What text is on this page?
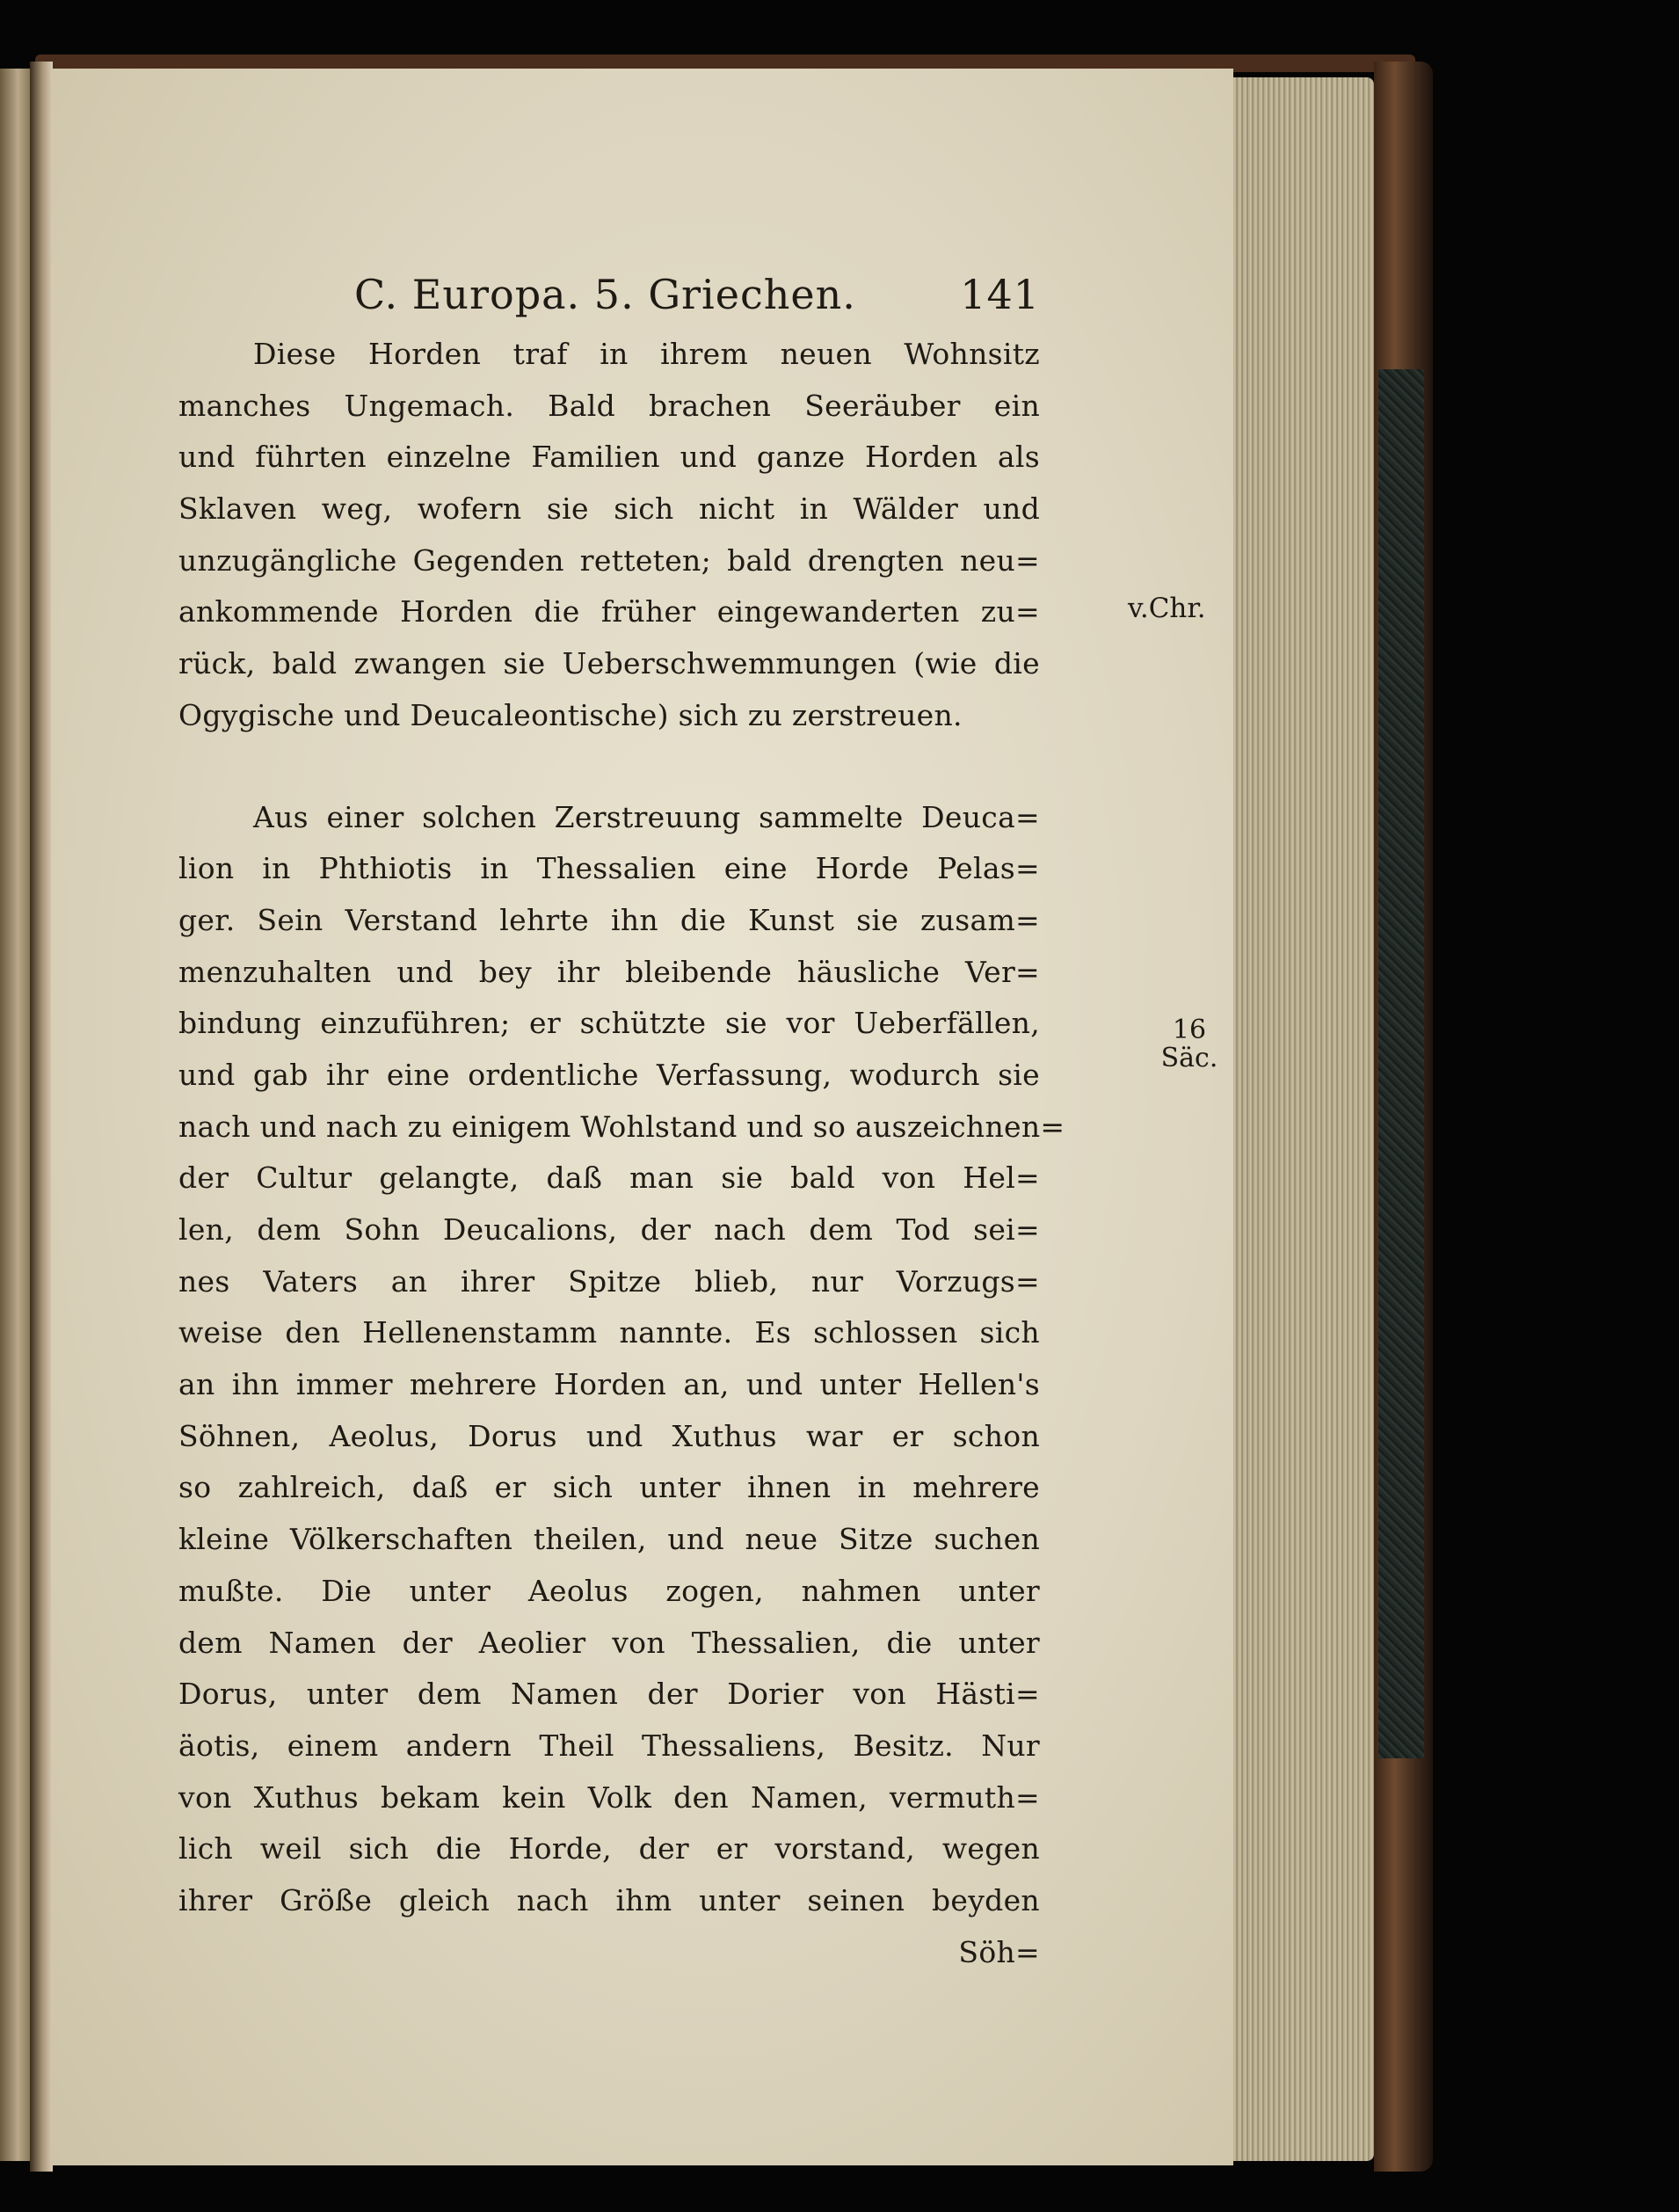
C. Europa. 5. Griechen.	141
Diese Horden traf in ihrem neuen Wohnsitz
manches Ungemach. Bald brachen Seeräuber ein
und führten einzelne Familien und ganze Horden als
Sklaven weg, wofern sie sich nicht in Wälder und
unzugängliche Gegenden retteten; bald drengten neu=
ankommende Horden die früher eingewanderten zu=
rück, bald zwangen sie Ueberschwemmungen (wie die
Ogygische und Deucaleontische) sich zu zerstreuen.
Aus einer solchen Zerstreuung sammelte Deuca=
lion in Phthiotis in Thessalien eine Horde Pelas=
ger. Sein Verstand lehrte ihn die Kunst sie zusam=
menzuhalten und bey ihr bleibende häusliche Ver=
bindung einzuführen; er schützte sie vor Ueberfällen,
und gab ihr eine ordentliche Verfassung, wodurch sie
nach und nach zu einigem Wohlstand und so auszeichnen=
der Cultur gelangte, daß man sie bald von Hel=
len, dem Sohn Deucalions, der nach dem Tod sei=
nes Vaters an ihrer Spitze blieb, nur Vorzugs=
weise den Hellenenstamm nannte. Es schlossen sich
an ihn immer mehrere Horden an, und unter Hellen's
Söhnen, Aeolus, Dorus und Xuthus war er schon
so zahlreich, daß er sich unter ihnen in mehrere
kleine Völkerschaften theilen, und neue Sitze suchen
mußte. Die unter Aeolus zogen, nahmen unter
dem Namen der Aeolier von Thessalien, die unter
Dorus, unter dem Namen der Dorier von Hästi=
äotis, einem andern Theil Thessaliens, Besitz. Nur
von Xuthus bekam kein Volk den Namen, vermuth=
lich weil sich die Horde, der er vorstand, wegen
ihrer Größe gleich nach ihm unter seinen beyden
Söh=
v.Chr.
16
Säc.
